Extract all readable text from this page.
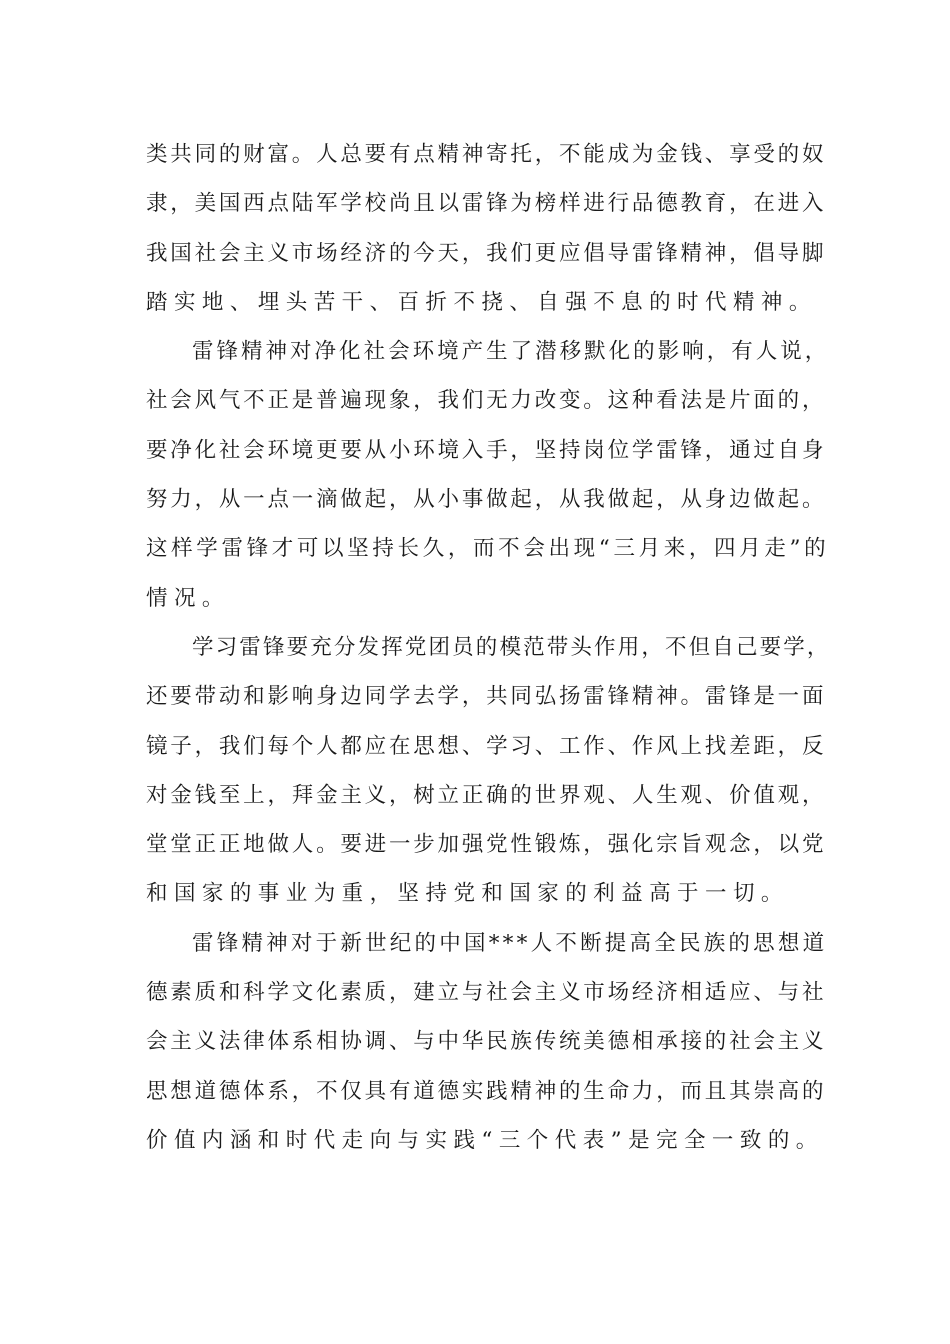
类共同的财富。人总要有点精神寄托，不能成为金钱、享受的奴
隶，美国西点陆军学校尚且以雷锋为榜样进行品德教育，在进入
我国社会主义市场经济的今天，我们更应倡导雷锋精神，倡导脚
踏实地、埋头苦干、百折不挠、自强不息的时代精神。
雷锋精神对净化社会环境产生了潜移默化的影响，有人说，
社会风气不正是普遍现象，我们无力改变。这种看法是片面的，
要净化社会环境更要从小环境入手，坚持岗位学雷锋，通过自身
努力，从一点一滴做起，从小事做起，从我做起，从身边做起。
这样学雷锋才可以坚持长久，而不会出现“三月来，四月走”的
情况。
学习雷锋要充分发挥党团员的模范带头作用，不但自己要学，
还要带动和影响身边同学去学，共同弘扬雷锋精神。雷锋是一面
镜子，我们每个人都应在思想、学习、工作、作风上找差距，反
对金钱至上，拜金主义，树立正确的世界观、人生观、价值观，
堂堂正正地做人。要进一步加强党性锻炼，强化宗旨观念，以党
和国家的事业为重，坚持党和国家的利益高于一切。
雷锋精神对于新世纪的中国***人不断提高全民族的思想道
德素质和科学文化素质，建立与社会主义市场经济相适应、与社
会主义法律体系相协调、与中华民族传统美德相承接的社会主义
思想道德体系，不仅具有道德实践精神的生命力，而且其崇高的
价值内涵和时代走向与实践“三个代表”是完全一致的。
